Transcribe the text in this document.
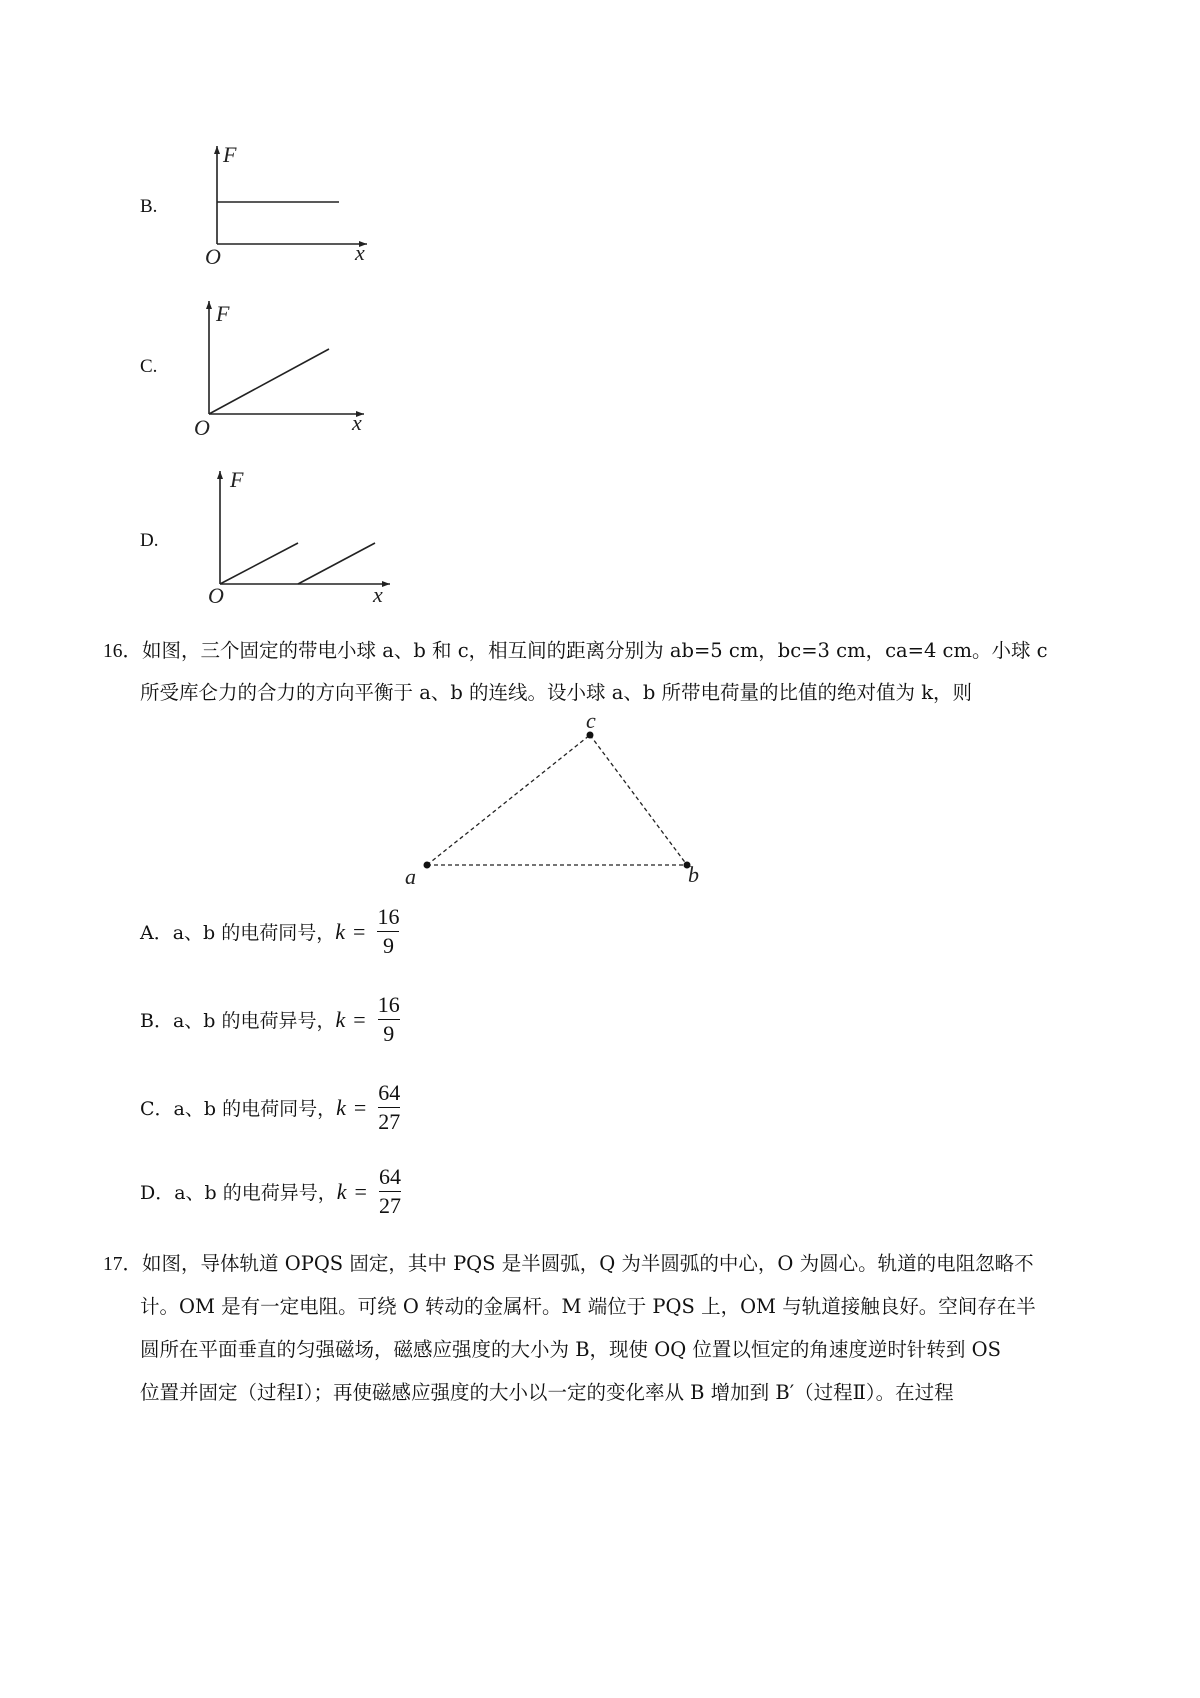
B.
F
x
O
C.
F
x
O
D.
F
x
O
16．如图，三个固定的带电小球 a、b 和 c，相互间的距离分别为 ab=5 cm，bc=3 cm，ca=4 cm。小球 c
所受库仑力的合力的方向平衡于 a、b 的连线。设小球 a、b 所带电荷量的比值的绝对值为 k，则
c
a	b
A． a、b 的电荷同号， $k = \frac{16}{9}$
B． a、b 的电荷异号， $k = \frac{16}{9}$
C． a、b 的电荷同号， $k = \frac{64}{27}$
D． a、b 的电荷异号， $k = \frac{64}{27}$
17．如图，导体轨道 OPQS 固定，其中 PQS 是半圆弧，Q 为半圆弧的中心，O 为圆心。轨道的电阻忽略不
计。OM 是有一定电阻。可绕 O 转动的金属杆。M 端位于 PQS 上，OM 与轨道接触良好。空间存在半
圆所在平面垂直的匀强磁场，磁感应强度的大小为 B，现使 OQ 位置以恒定的角速度逆时针转到 OS
位置并固定（过程Ⅰ）；再使磁感应强度的大小以一定的变化率从 B 增加到 B′（过程Ⅱ）。在过程
